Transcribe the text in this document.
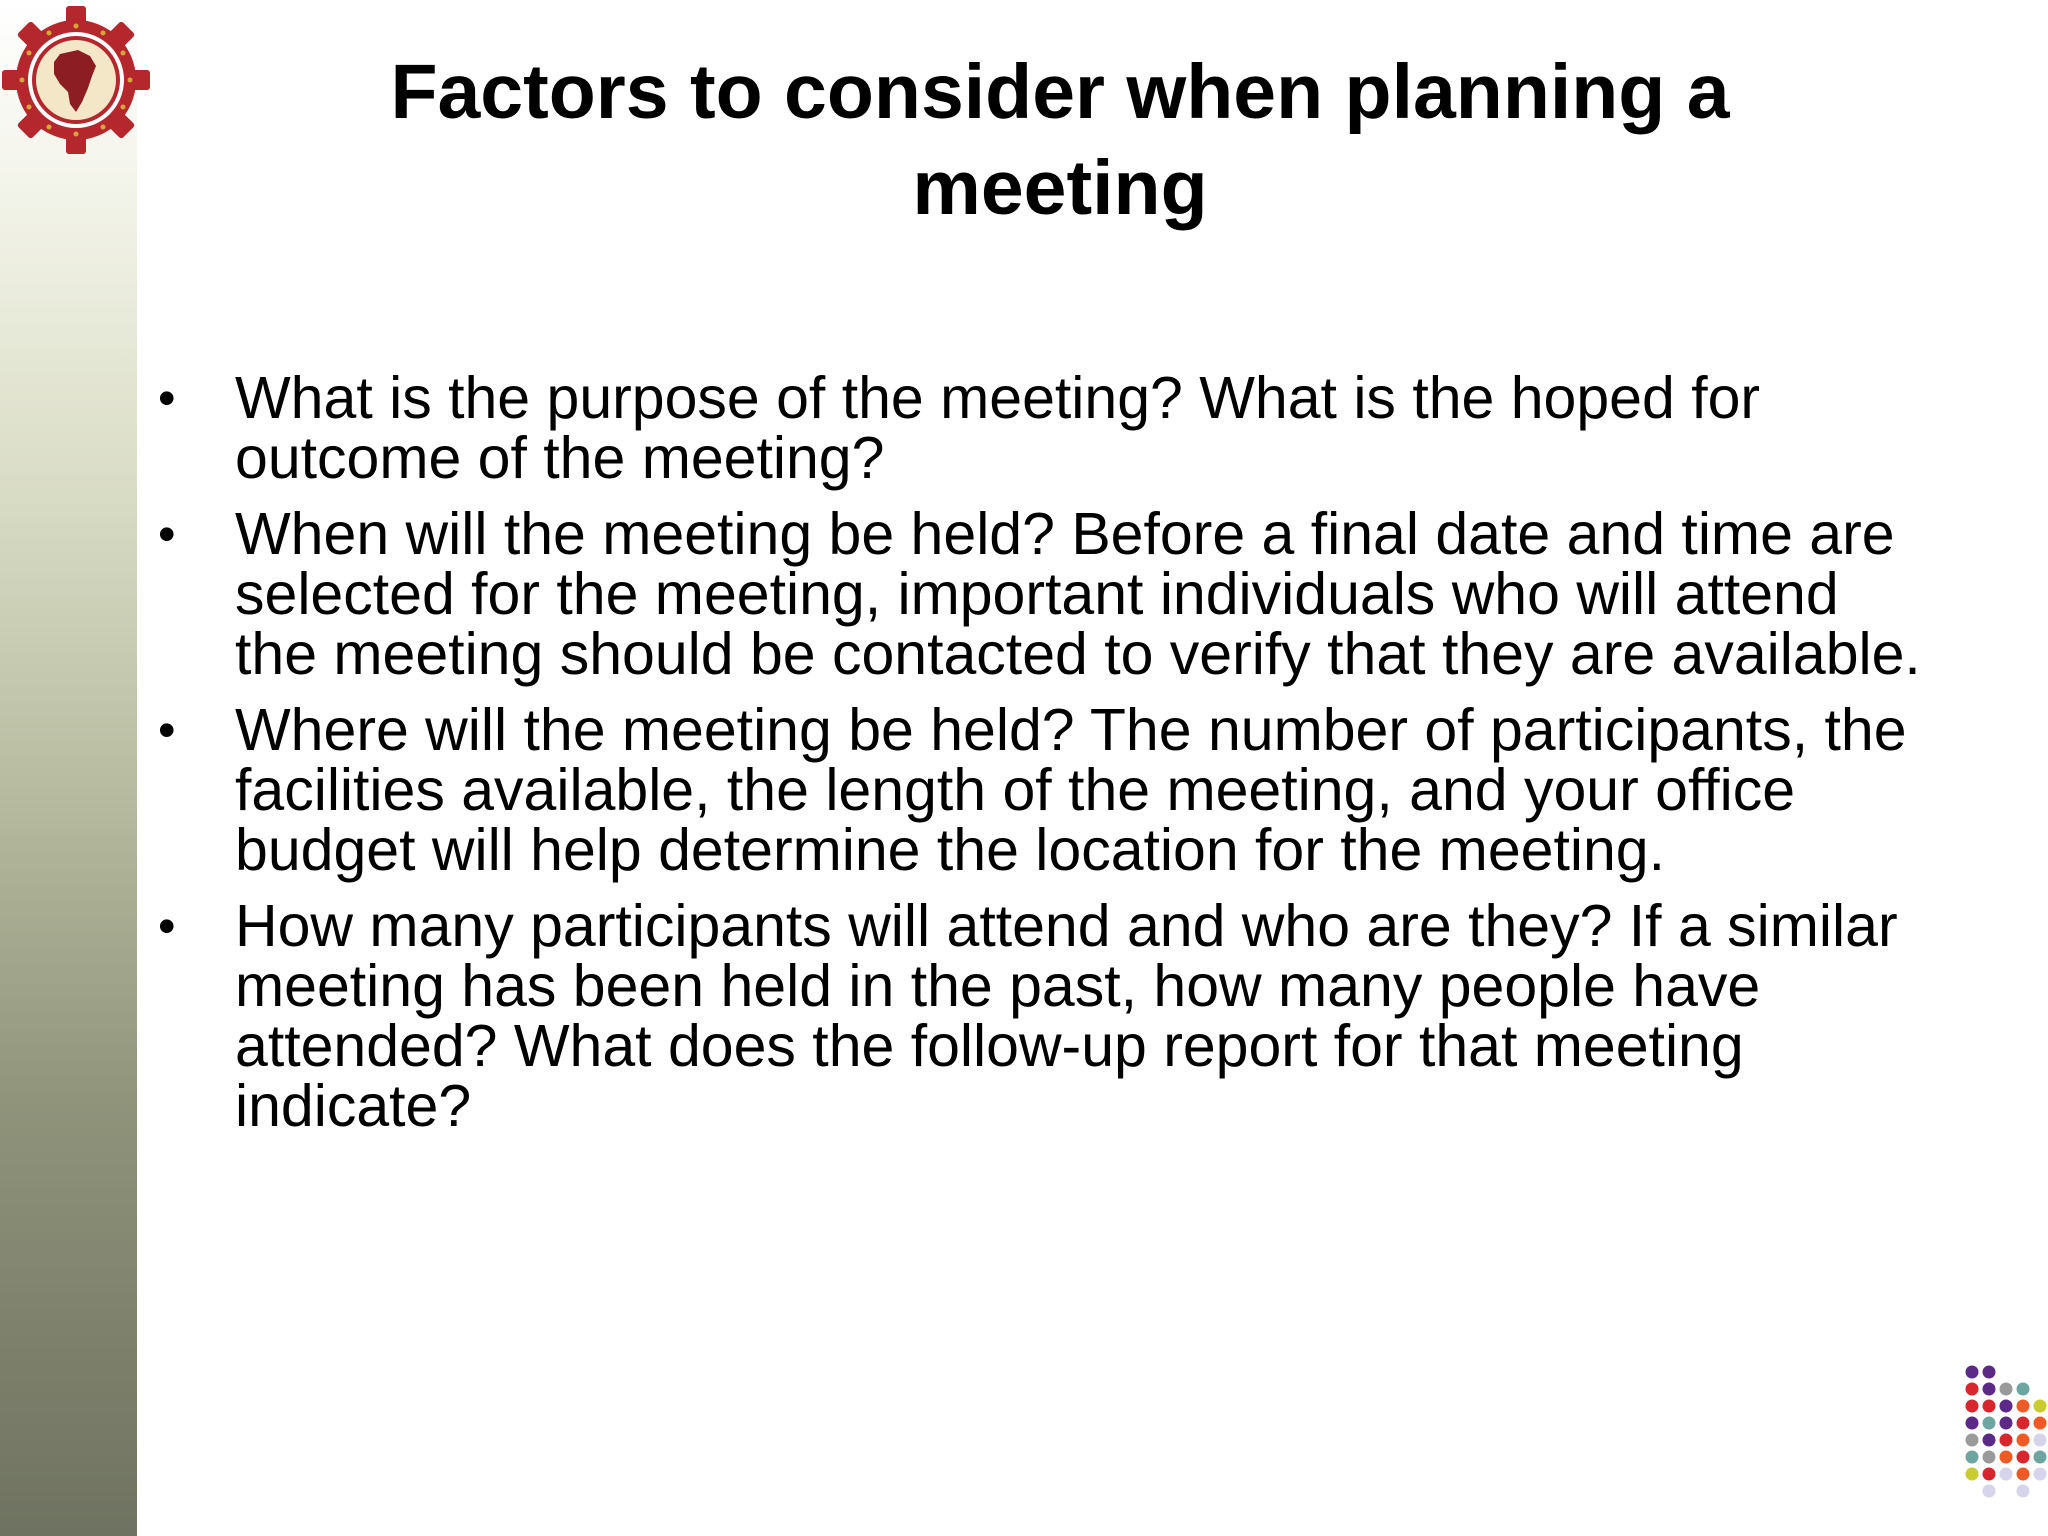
Factors to consider when planning a meeting
• What is the purpose of the meeting? What is the hoped for outcome of the meeting?
• When will the meeting be held? Before a final date and time are selected for the meeting, important individuals who will attend the meeting should be contacted to verify that they are available.
• Where will the meeting be held? The number of participants, the facilities available, the length of the meeting, and your office budget will help determine the location for the meeting.
• How many participants will attend and who are they? If a similar meeting has been held in the past, how many people have attended? What does the follow-up report for that meeting indicate?
